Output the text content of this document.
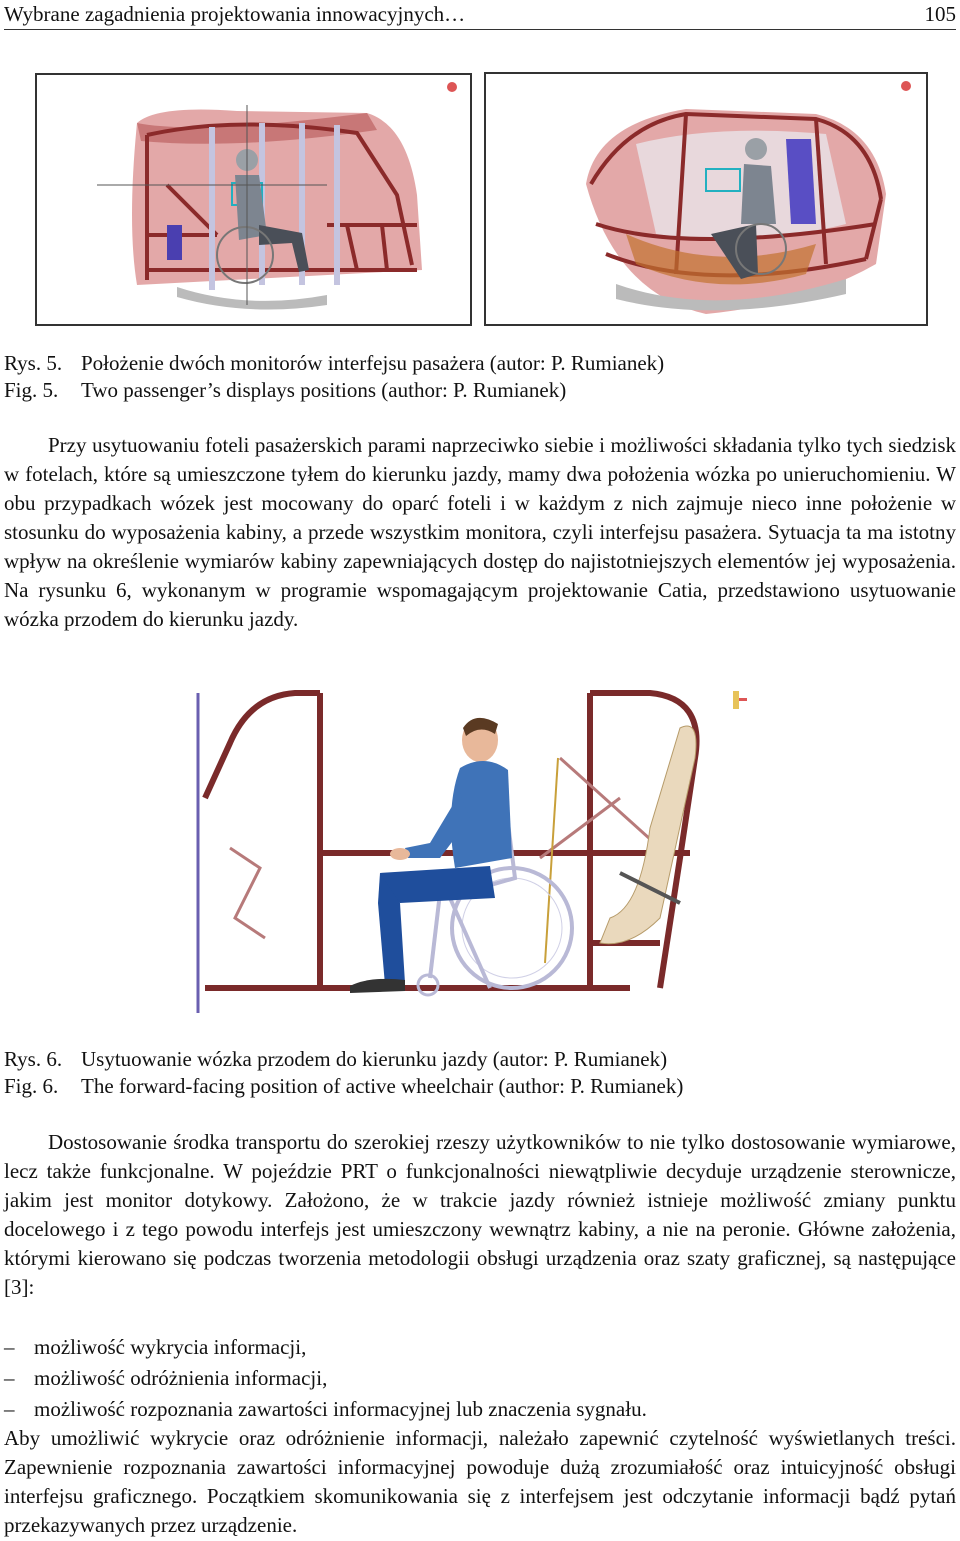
Wybrane zagadnienia projektowania innowacyjnych…	105
Rys. 5. Położenie dwóch monitorów interfejsu pasażera (autor: P. Rumianek)
Fig. 5. Two passenger’s displays positions (author: P. Rumianek)

Przy usytuowaniu foteli pasażerskich parami naprzeciwko siebie i możliwości składania tylko tych siedzisk w fotelach, które są umieszczone tyłem do kierunku jazdy, mamy dwa położenia wózka po unieruchomieniu. W obu przypadkach wózek jest mocowany do oparć foteli i w każdym z nich zajmuje nieco inne położenie w stosunku do wyposażenia kabiny, a przede wszystkim monitora, czyli interfejsu pasażera. Sytuacja ta ma istotny wpływ na określenie wymiarów kabiny zapewniających dostęp do najistotniejszych elementów jej wyposażenia. Na rysunku 6, wykonanym w programie wspomagającym projektowanie Catia, przedstawiono usytuowanie wózka przodem do kierunku jazdy.

Rys. 6. Usytuowanie wózka przodem do kierunku jazdy (autor: P. Rumianek)
Fig. 6. The forward-facing position of active wheelchair (author: P. Rumianek)

Dostosowanie środka transportu do szerokiej rzeszy użytkowników to nie tylko dostosowanie wymiarowe, lecz także funkcjonalne. W pojeździe PRT o funkcjonalności niewątpliwie decyduje urządzenie sterownicze, jakim jest monitor dotykowy. Założono, że w trakcie jazdy również istnieje możliwość zmiany punktu docelowego i z tego powodu interfejs jest umieszczony wewnątrz kabiny, a nie na peronie. Główne założenia, którymi kierowano się podczas tworzenia metodologii obsługi urządzenia oraz szaty graficznej, są następujące [3]:

– możliwość wykrycia informacji,
– możliwość odróżnienia informacji,
– możliwość rozpoznania zawartości informacyjnej lub znaczenia sygnału.

Aby umożliwić wykrycie oraz odróżnienie informacji, należało zapewnić czytelność wyświetlanych treści. Zapewnienie rozpoznania zawartości informacyjnej powoduje dużą zrozumiałość oraz intuicyjność obsługi interfejsu graficznego. Początkiem skomunikowania się z interfejsem jest odczytanie informacji bądź pytań przekazywanych przez urządzenie.
